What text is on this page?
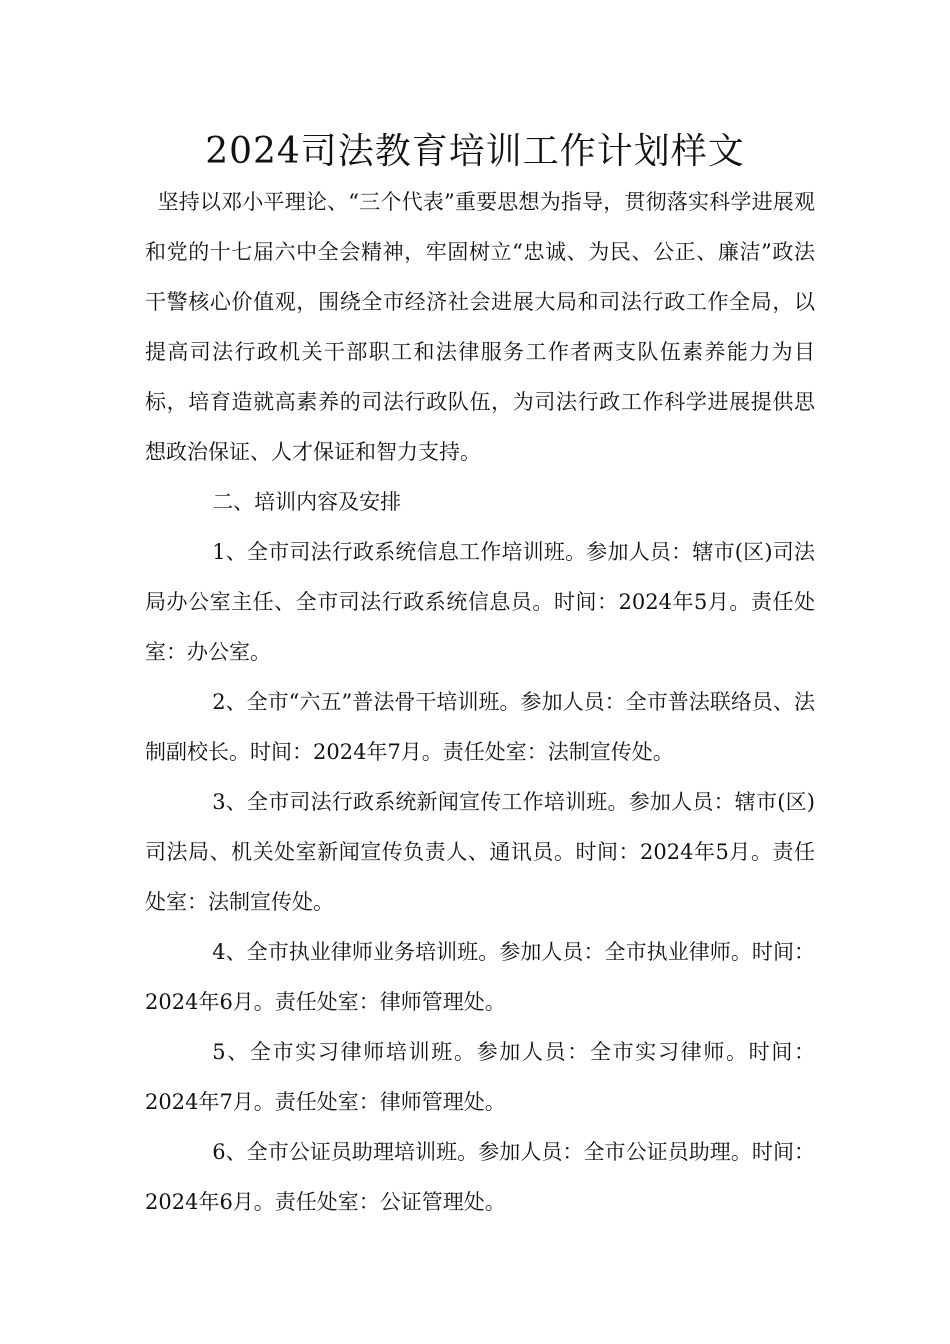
2024司法教育培训工作计划样文

坚持以邓小平理论、“三个代表”重要思想为指导，贯彻落实科学进展观和党的十七届六中全会精神，牢固树立“忠诚、为民、公正、廉洁”政法干警核心价值观，围绕全市经济社会进展大局和司法行政工作全局，以提高司法行政机关干部职工和法律服务工作者两支队伍素养能力为目标，培育造就高素养的司法行政队伍，为司法行政工作科学进展提供思想政治保证、人才保证和智力支持。

二、培训内容及安排

1、全市司法行政系统信息工作培训班。参加人员：辖市(区)司法局办公室主任、全市司法行政系统信息员。时间：2024年5月。责任处室：办公室。

2、全市“六五”普法骨干培训班。参加人员：全市普法联络员、法制副校长。时间：2024年7月。责任处室：法制宣传处。

3、全市司法行政系统新闻宣传工作培训班。参加人员：辖市(区)司法局、机关处室新闻宣传负责人、通讯员。时间：2024年5月。责任处室：法制宣传处。

4、全市执业律师业务培训班。参加人员：全市执业律师。时间：2024年6月。责任处室：律师管理处。

5、全市实习律师培训班。参加人员：全市实习律师。时间：2024年7月。责任处室：律师管理处。

6、全市公证员助理培训班。参加人员：全市公证员助理。时间：2024年6月。责任处室：公证管理处。
